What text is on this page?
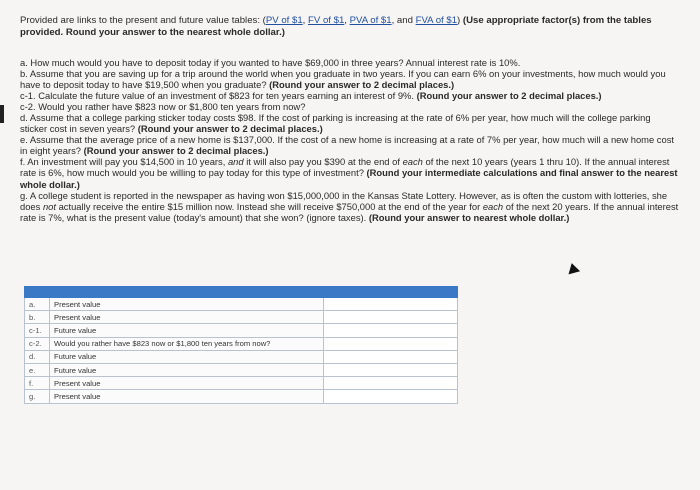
Provided are links to the present and future value tables: (PV of $1, FV of $1, PVA of $1, and FVA of $1) (Use appropriate factor(s) from the tables provided. Round your answer to the nearest whole dollar.)

a. How much would you have to deposit today if you wanted to have $69,000 in three years? Annual interest rate is 10%.

b. Assume that you are saving up for a trip around the world when you graduate in two years. If you can earn 6% on your investments, how much would you have to deposit today to have $19,500 when you graduate? (Round your answer to 2 decimal places.)

c-1. Calculate the future value of an investment of $823 for ten years earning an interest of 9%. (Round your answer to 2 decimal places.)

c-2. Would you rather have $823 now or $1,800 ten years from now?

d. Assume that a college parking sticker today costs $98. If the cost of parking is increasing at the rate of 6% per year, how much will the college parking sticker cost in seven years? (Round your answer to 2 decimal places.)

e. Assume that the average price of a new home is $137,000. If the cost of a new home is increasing at a rate of 7% per year, how much will a new home cost in eight years? (Round your answer to 2 decimal places.)

f. An investment will pay you $14,500 in 10 years, and it will also pay you $390 at the end of each of the next 10 years (years 1 thru 10). If the annual interest rate is 6%, how much would you be willing to pay today for this type of investment? (Round your intermediate calculations and final answer to the nearest whole dollar.)

g. A college student is reported in the newspaper as having won $15,000,000 in the Kansas State Lottery. However, as is often the custom with lotteries, she does not actually receive the entire $15 million now. Instead she will receive $750,000 at the end of the year for each of the next 20 years. If the annual interest rate is 7%, what is the present value (today's amount) that she won? (ignore taxes). (Round your answer to nearest whole dollar.)

a.	Present value	
b.	Present value	
c-1.	Future value	
c-2.	Would you rather have $823 now or $1,800 ten years from now?	
d.	Future value	
e.	Future value	
f.	Present value	
g.	Present value	
